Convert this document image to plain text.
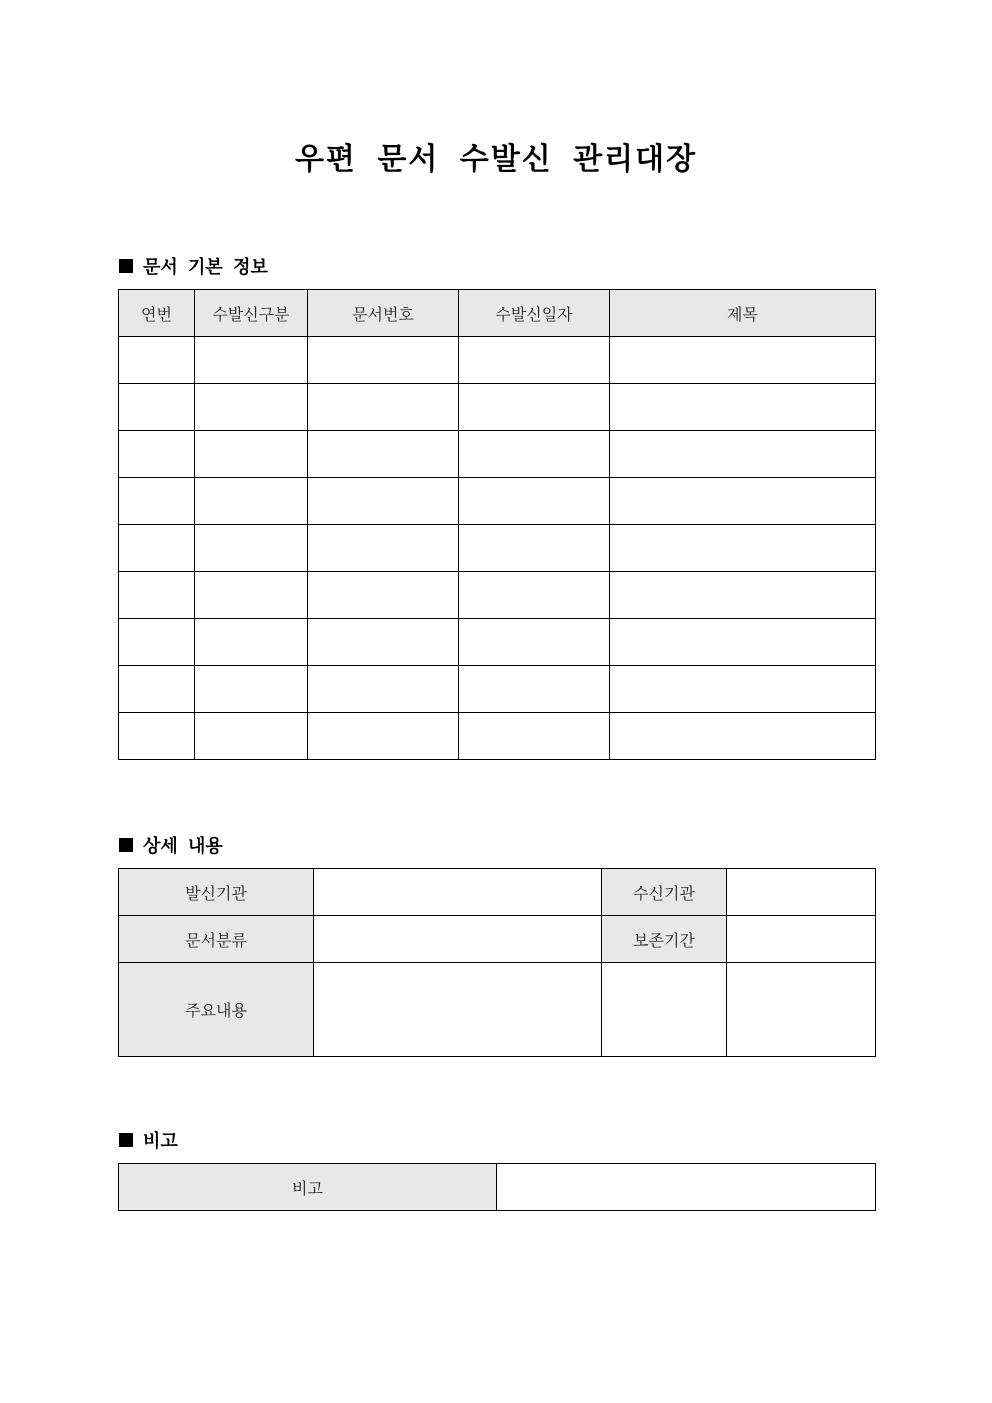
우편 문서 수발신 관리대장
문서 기본 정보
연번	수발신구분	문서번호	수발신일자	제목

상세 내용
발신기관		수신기관	
문서분류		보존기간	
주요내용			
비고
비고	
